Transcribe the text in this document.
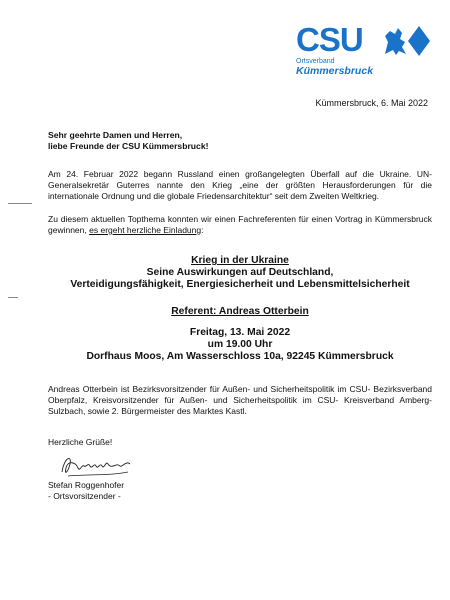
CSU
Ortsverband
Kümmersbruck
Kümmersbruck, 6. Mai 2022
Sehr geehrte Damen und Herren,
liebe Freunde der CSU Kümmersbruck!
Am 24. Februar 2022 begann Russland einen großangelegten Überfall auf die Ukraine. UN-Generalsekretär Guterres nannte den Krieg „eine der größten Herausforderungen für die internationale Ordnung und die globale Friedensarchitektur“ seit dem Zweiten Weltkrieg.
Zu diesem aktuellen Topthema konnten wir einen Fachreferenten für einen Vortrag in Kümmersbruck gewinnen, es ergeht herzliche Einladung:
Krieg in der Ukraine
Seine Auswirkungen auf Deutschland,
Verteidigungsfähigkeit, Energiesicherheit und Lebensmittelsicherheit
Referent: Andreas Otterbein
Freitag, 13. Mai 2022
um 19.00 Uhr
Dorfhaus Moos, Am Wasserschloss 10a, 92245 Kümmersbruck
Andreas Otterbein ist Bezirksvorsitzender für Außen- und Sicherheitspolitik im CSU- Bezirksverband Oberpfalz, Kreisvorsitzender für Außen- und Sicherheitspolitik im CSU- Kreisverband Amberg- Sulzbach, sowie 2. Bürgermeister des Marktes Kastl.
Herzliche Grüße!
Stefan Roggenhofer
- Ortsvorsitzender -
